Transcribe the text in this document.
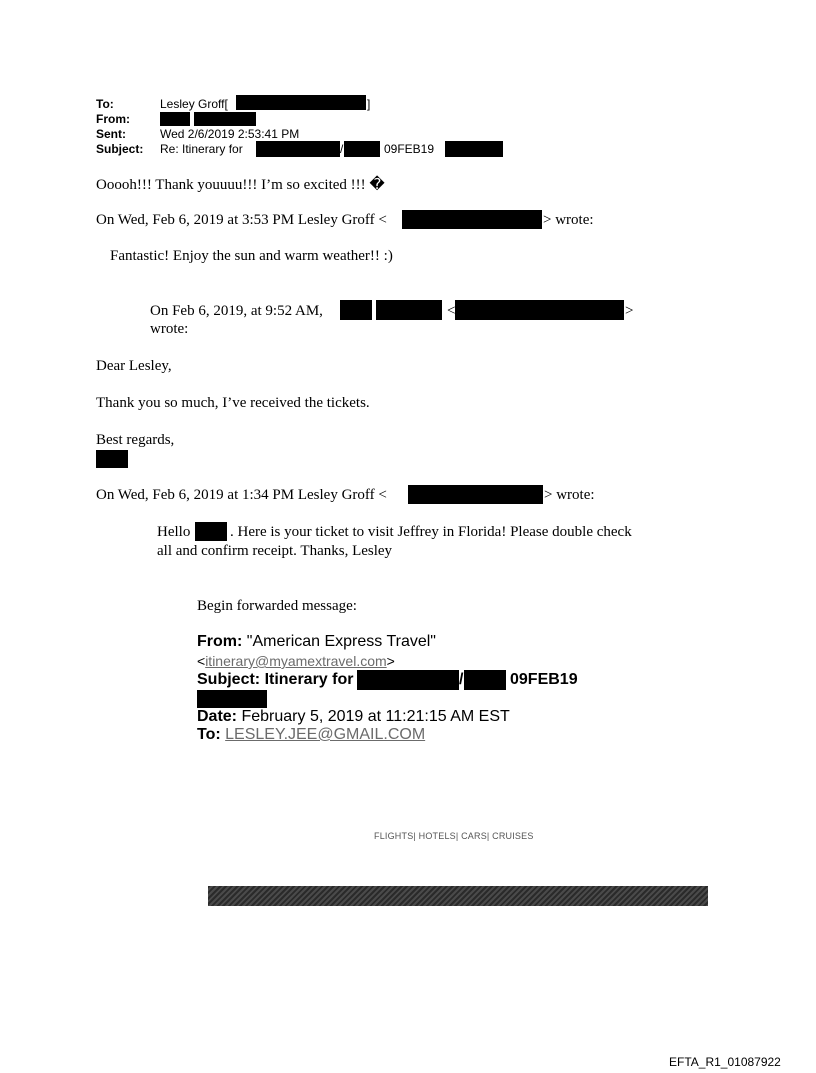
To:	Lesley Groff[	]
From:
Sent:	Wed 2/6/2019 2:53:41 PM
Subject: Re: Itinerary for	/	09FEB19
Ooooh!!! Thank youuuu!!! I’m so excited !!! �
On Wed, Feb 6, 2019 at 3:53 PM Lesley Groff <	> wrote:
Fantastic! Enjoy the sun and warm weather!! :)
On Feb 6, 2019, at 9:52 AM,	<	>
wrote:
Dear Lesley,
Thank you so much, I’ve received the tickets.
Best regards,
On Wed, Feb 6, 2019 at 1:34 PM Lesley Groff <	> wrote:
Hello	. Here is your ticket to visit Jeffrey in Florida! Please double check
all and confirm receipt. Thanks, Lesley
Begin forwarded message:
From: "American Express Travel"
<itinerary@myamextravel.com>
Subject: Itinerary for	/	09FEB19
Date: February 5, 2019 at 11:21:15 AM EST
To: LESLEY.JEE@GMAIL.COM
FLIGHTS| HOTELS| CARS| CRUISES
EFTA_R1_01087922
